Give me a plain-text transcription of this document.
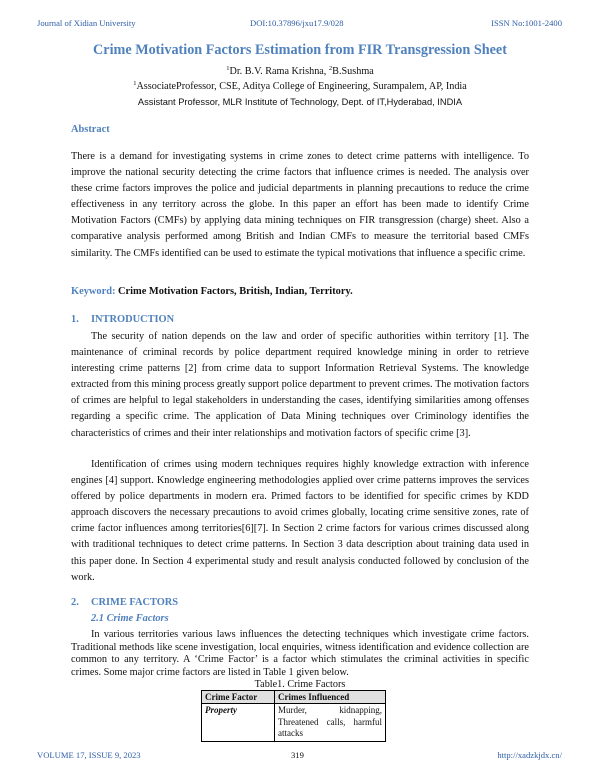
Journal of Xidian University	DOI:10.37896/jxu17.9/028	ISSN No:1001-2400
Crime Motivation Factors Estimation from FIR Transgression Sheet
$^1$Dr. B.V. Rama Krishna, $^2$B.Sushma
$^1$AssociateProfessor, CSE, Aditya College of Engineering, Surampalem, AP, India
Assistant Professor, MLR Institute of Technology, Dept. of IT,Hyderabad, INDIA
Abstract

There is a demand for investigating systems in crime zones to detect crime patterns with intelligence. To improve the national security detecting the crime factors that influence crimes is needed. The analysis over these crime factors improves the police and judicial departments in planning precautions to reduce the crime effectiveness in any territory across the globe. In this paper an effort has been made to identify Crime Motivation Factors (CMFs) by applying data mining techniques on FIR transgression (charge) sheet. Also a comparative analysis performed among British and Indian CMFs to measure the territorial based CMFs similarity. The CMFs identified can be used to estimate the typical motivations that influence a specific crime.

Keyword: Crime Motivation Factors, British, Indian, Territory.
1. INTRODUCTION

The security of nation depends on the law and order of specific authorities within territory [1]. The maintenance of criminal records by police department required knowledge mining in order to retrieve interesting crime patterns [2] from crime data to support Information Retrieval Systems. The knowledge extracted from this mining process greatly support police department to prevent crimes. The motivation factors of crimes are helpful to legal stakeholders in understanding the cases, identifying similarities among offenses regarding a specific crime. The application of Data Mining techniques over Criminology identifies the characteristics of crimes and their inter relationships and motivation factors of specific crime [3].

Identification of crimes using modern techniques requires highly knowledge extraction with inference engines [4] support. Knowledge engineering methodologies applied over crime patterns improves the services offered by police departments in modern era. Primed factors to be identified for specific crimes by KDD approach discovers the necessary precautions to avoid crimes globally, locating crime sensitive zones, rate of crime factor influences among territories[6][7]. In Section 2 crime factors for various crimes discussed along with traditional techniques to detect crime patterns. In Section 3 data description about training data used in this paper done. In Section 4 experimental study and result analysis conducted followed by conclusion of the work.

2. CRIME FACTORS
2.1 Crime Factors

In various territories various laws influences the detecting techniques which investigate crime factors. Traditional methods like scene investigation, local enquiries, witness identification and evidence collection are common to any territory. A ‘Crime Factor’ is a factor which stimulates the criminal activities in specific crimes. Some major crime factors are listed in Table 1 given below.

Table1. Crime Factors
Crime Factor	Crimes Influenced
Property	Murder, kidnapping, Threatened calls, harmful attacks
VOLUME 17, ISSUE 9, 2023	319	http://xadzkjdx.cn/
